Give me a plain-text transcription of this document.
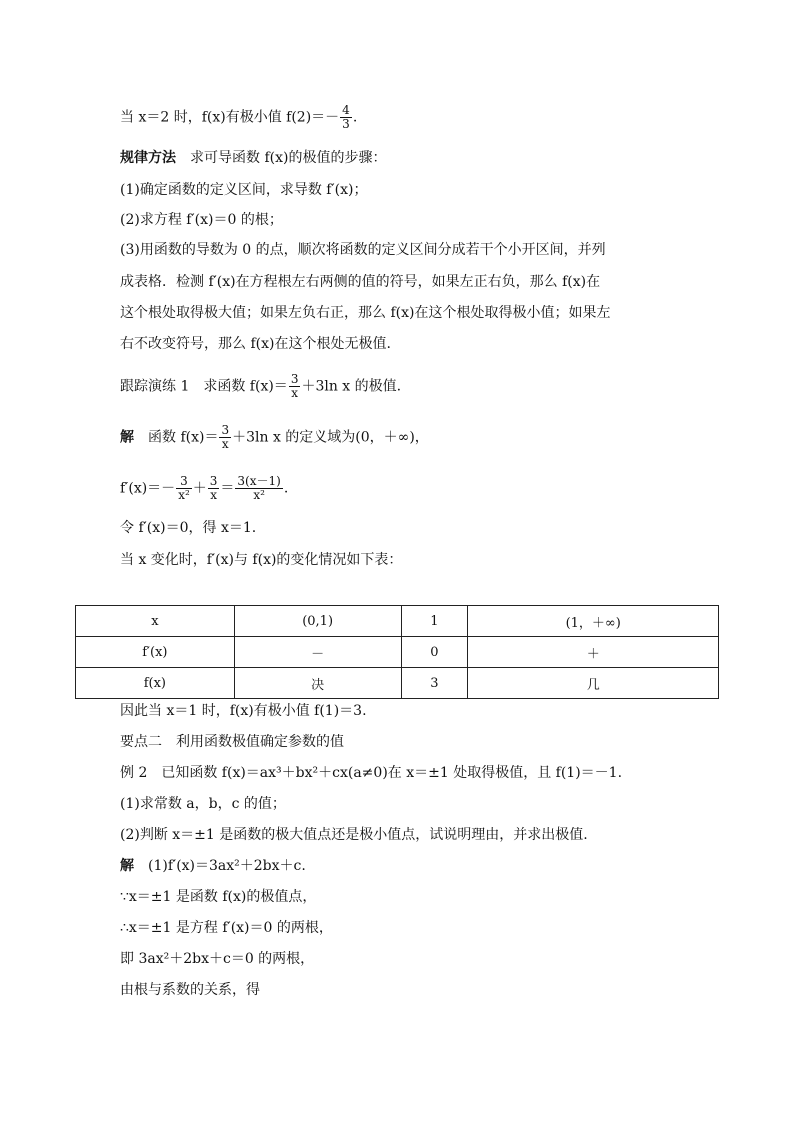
当 x＝2 时，f(x)有极小值 $f(2)=- \frac{4}{3}$ .
规律方法　求可导函数 f(x)的极值的步骤：
(1)确定函数的定义区间，求导数 f′(x)；
(2)求方程 f′(x)＝0 的根；
(3)用函数的导数为 0 的点，顺次将函数的定义区间分成若干个小开区间，并列
成表格．检测 f′(x)在方程根左右两侧的值的符号，如果左正右负，那么 f(x)在
这个根处取得极大值；如果左负右正，那么 f(x)在这个根处取得极小值；如果左
右不改变符号，那么 f(x)在这个根处无极值.
跟踪演练 1　求函数 $f(x)= \frac{3}{x} +3\ln$ x 的极值.
解　函数 $f(x)= \frac{3}{x} +3\ln$ x 的定义域为(0，＋∞)，
$f'(x)=- \frac{3}{\text{x²}} + \frac{3}{x} = \frac{3(x-1)}{\text{x²}}$ .
令 f′(x)＝0，得 x＝1.
当 x 变化时，f′(x)与 f(x)的变化情况如下表：
x	(0,1)	1	(1，＋∞)
f′(x)	－	0	＋
f(x)	决	3	几
因此当 x＝1 时，f(x)有极小值 f(1)＝3.
要点二　利用函数极值确定参数的值
例 2　已知函数 f(x)＝ax³＋bx²＋cx(a≠0)在 x＝±1 处取得极值，且 f(1)＝－1.
(1)求常数 a，b，c 的值；
(2)判断 x＝±1 是函数的极大值点还是极小值点，试说明理由，并求出极值.
解　(1)f′(x)＝3ax²＋2bx＋c.
∵x＝±1 是函数 f(x)的极值点，
∴x＝±1 是方程 f′(x)＝0 的两根，
即 3ax²＋2bx＋c＝0 的两根，
由根与系数的关系，得
